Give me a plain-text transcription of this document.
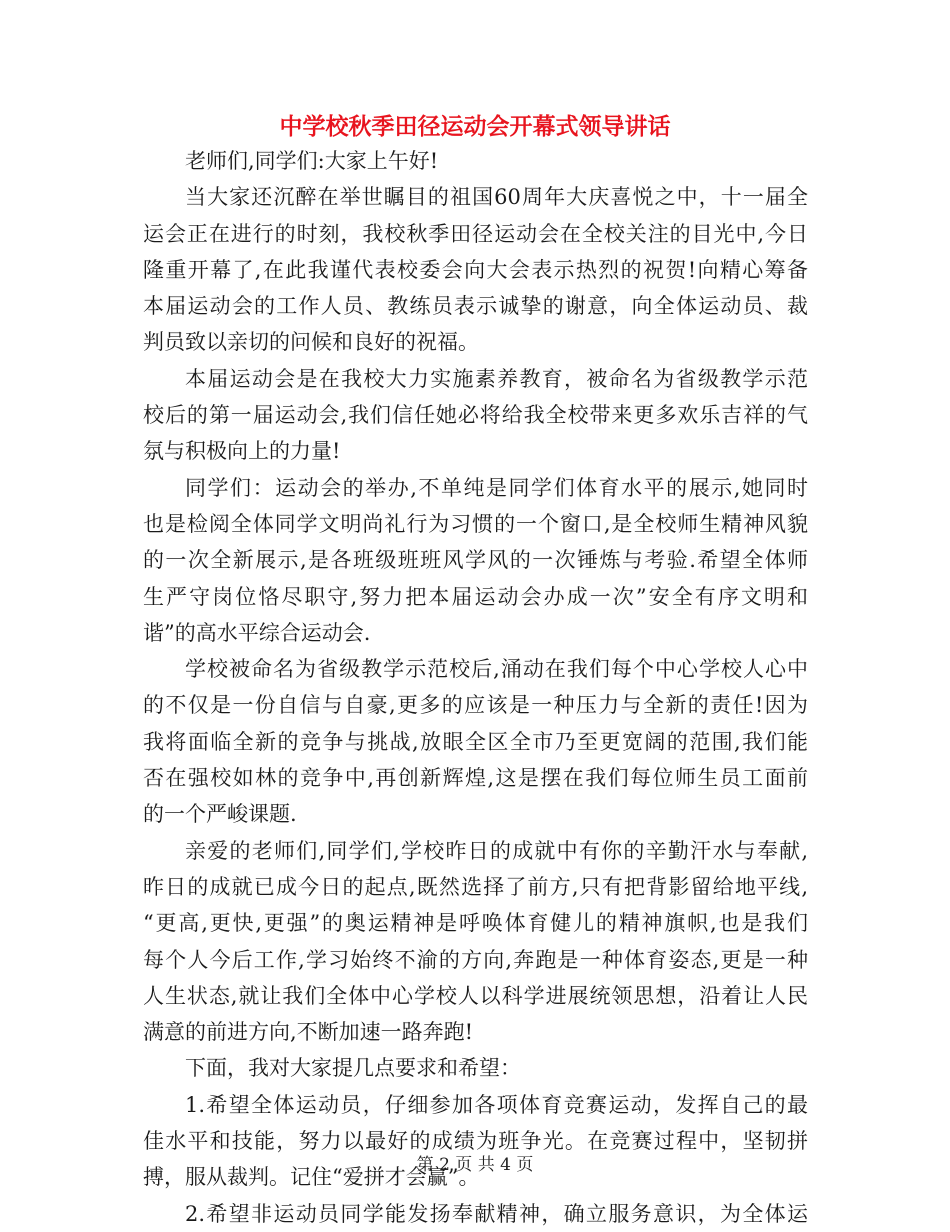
中学校秋季田径运动会开幕式领导讲话
老师们,同学们:大家上午好!
当大家还沉醉在举世瞩目的祖国60周年大庆喜悦之中，十一届全
运会正在进行的时刻，我校秋季田径运动会在全校关注的目光中,今日
隆重开幕了,在此我谨代表校委会向大会表示热烈的祝贺!向精心筹备
本届运动会的工作人员、教练员表示诚挚的谢意，向全体运动员、裁
判员致以亲切的问候和良好的祝福。
本届运动会是在我校大力实施素养教育，被命名为省级教学示范
校后的第一届运动会,我们信任她必将给我全校带来更多欢乐吉祥的气
氛与积极向上的力量!
同学们：运动会的举办,不单纯是同学们体育水平的展示,她同时
也是检阅全体同学文明尚礼行为习惯的一个窗口,是全校师生精神风貌
的一次全新展示,是各班级班班风学风的一次锤炼与考验.希望全体师
生严守岗位恪尽职守,努力把本届运动会办成一次”安全有序文明和
谐”的高水平综合运动会.
学校被命名为省级教学示范校后,涌动在我们每个中心学校人心中
的不仅是一份自信与自豪,更多的应该是一种压力与全新的责任!因为
我将面临全新的竞争与挑战,放眼全区全市乃至更宽阔的范围,我们能
否在强校如林的竞争中,再创新辉煌,这是摆在我们每位师生员工面前
的一个严峻课题.
亲爱的老师们,同学们,学校昨日的成就中有你的辛勤汗水与奉献,
昨日的成就已成今日的起点,既然选择了前方,只有把背影留给地平线,
“更高,更快,更强”的奥运精神是呼唤体育健儿的精神旗帜,也是我们
每个人今后工作,学习始终不渝的方向,奔跑是一种体育姿态,更是一种
人生状态,就让我们全体中心学校人以科学进展统领思想，沿着让人民
满意的前进方向,不断加速一路奔跑!
下面，我对大家提几点要求和希望：
1.希望全体运动员，仔细参加各项体育竞赛运动，发挥自己的最
佳水平和技能，努力以最好的成绩为班争光。在竞赛过程中，坚韧拼
搏，服从裁判。记住“爱拼才会赢”。
2.希望非运动员同学能发扬奉献精神，确立服务意识，为全体运
第 2 页 共 4 页
